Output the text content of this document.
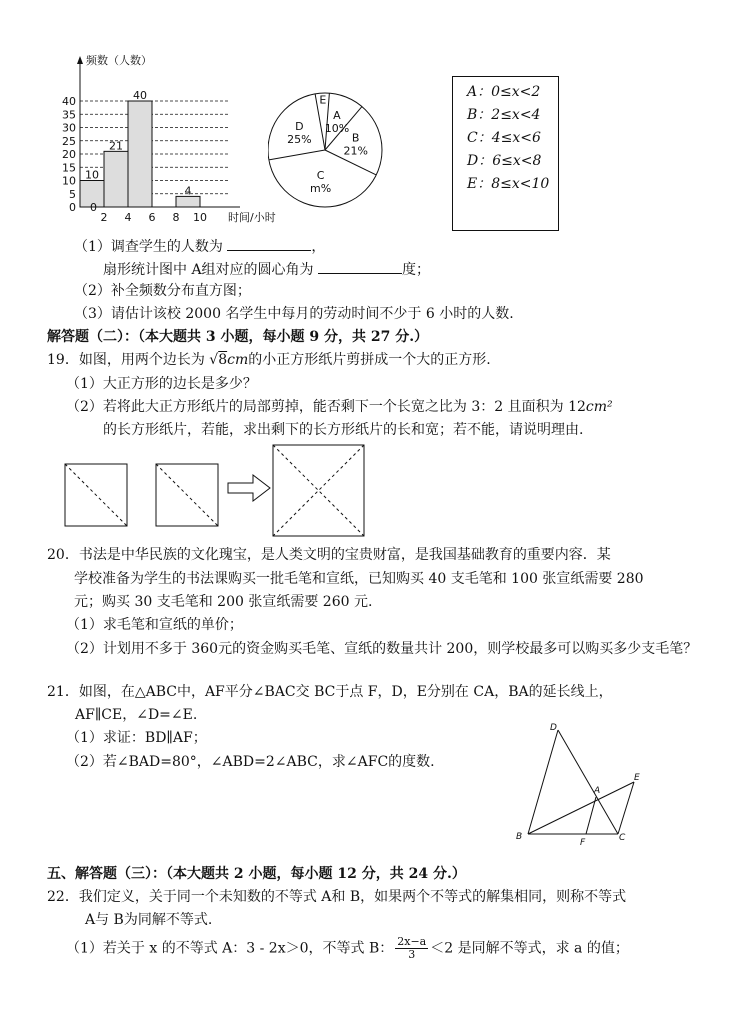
0
5
10
15
20
25
30
35
40
10
21
40
4
2 4 6 8 10
0
时间/小时
频数（人数）
E
A
10%
B
21%
C
m%
D
25%
A：0≤x<2
B：2≤x<4
C：4≤x<6
D：6≤x<8
E：8≤x<10
（1）调查学生的人数为	，
扇形统计图中 A组对应的圆心角为	度；
（2）补全频数分布直方图；
（3）请估计该校 2000 名学生中每月的劳动时间不少于 6 小时的人数.
解答题（二）：（本大题共 3 小题，每小题 9 分，共 27 分.）
19．如图，用两个边长为 √8cm的小正方形纸片剪拼成一个大的正方形.
（1）大正方形的边长是多少？
（2）若将此大正方形纸片的局部剪掉，能否剩下一个长宽之比为 3：2 且面积为 12cm²
的长方形纸片，若能，求出剩下的长方形纸片的长和宽；若不能，请说明理由.
20．书法是中华民族的文化瑰宝，是人类文明的宝贵财富，是我国基础教育的重要内容．某
学校准备为学生的书法课购买一批毛笔和宣纸，已知购买 40 支毛笔和 100 张宣纸需要 280
元；购买 30 支毛笔和 200 张宣纸需要 260 元.
（1）求毛笔和宣纸的单价；
（2）计划用不多于 360元的资金购买毛笔、宣纸的数量共计 200，则学校最多可以购买多少支毛笔？
21．如图，在△ABC中，AF平分∠BAC交 BC于点 F，D，E分别在 CA，BA的延长线上，
AF∥CE，∠D=∠E.
（1）求证：BD∥AF；
（2）若∠BAD=80°，∠ABD=2∠ABC，求∠AFC的度数.
D
E
A
B	C
F
五、解答题（三）：（本大题共 2 小题，每小题 12 分，共 24 分.）
22．我们定义，关于同一个未知数的不等式 A和 B，如果两个不等式的解集相同，则称不等式
A与 B为同解不等式.
（1）若关于 x 的不等式 A：3 - 2x＞0，不等式 B： $\frac{2x-a}{3} <2$ 是同解不等式，求 a 的值；
